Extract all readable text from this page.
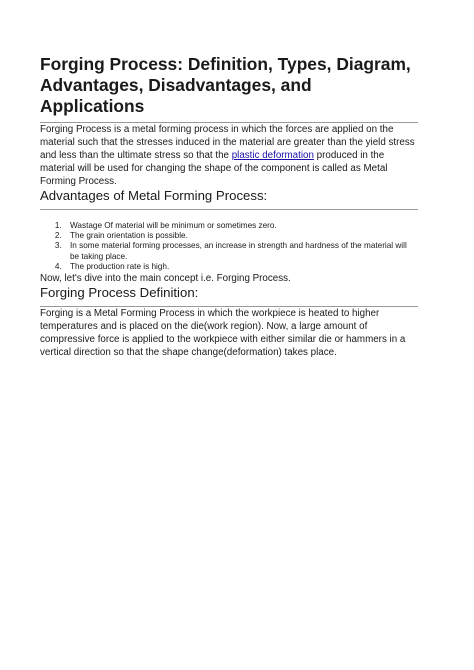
Forging Process: Definition, Types, Diagram, Advantages, Disadvantages, and Applications

Forging Process is a metal forming process in which the forces are applied on the material such that the stresses induced in the material are greater than the yield stress and less than the ultimate stress so that the plastic deformation produced in the material will be used for changing the shape of the component is called as Metal Forming Process.

Advantages of Metal Forming Process:
1. Wastage Of material will be minimum or sometimes zero.
2. The grain orientation is possible.
3. In some material forming processes, an increase in strength and hardness of the material will be taking place.
4. The production rate is high.

Now, let's dive into the main concept i.e. Forging Process.

Forging Process Definition:

Forging is a Metal Forming Process in which the workpiece is heated to higher temperatures and is placed on the die(work region). Now, a large amount of compressive force is applied to the workpiece with either similar die or hammers in a vertical direction so that the shape change(deformation) takes place.
